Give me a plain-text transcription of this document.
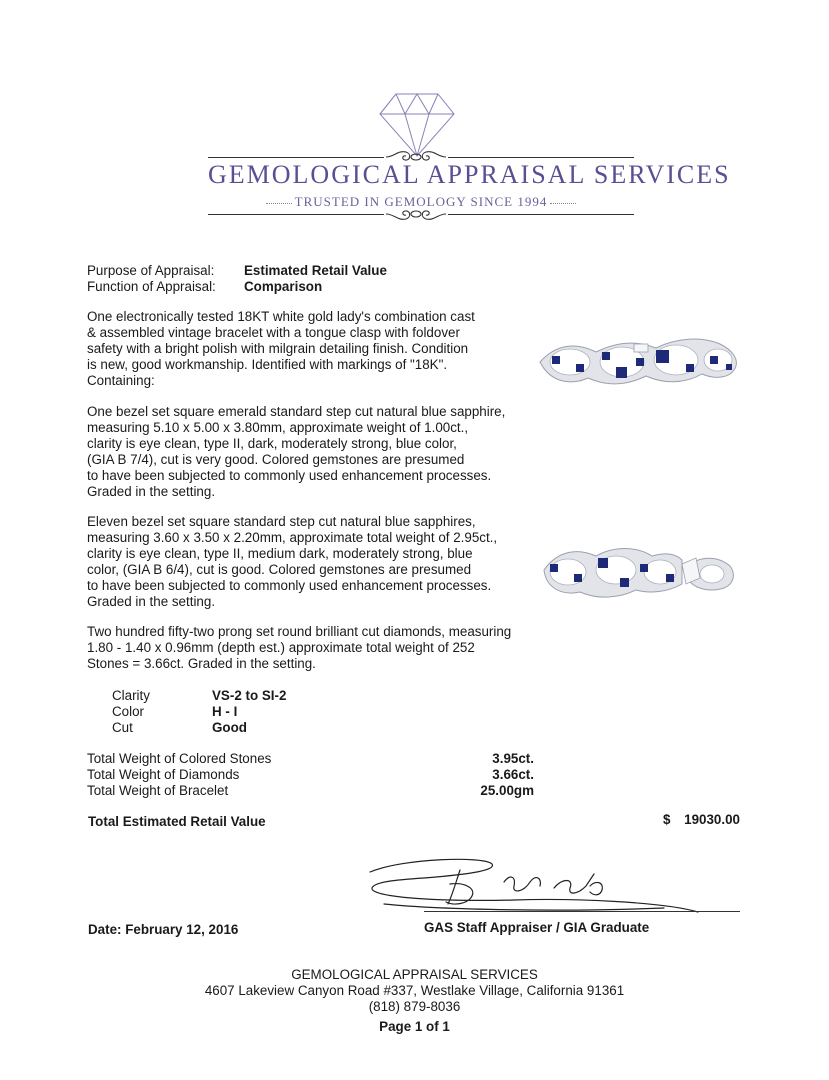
GEMOLOGICAL APPRAISAL SERVICES
TRUSTED IN GEMOLOGY SINCE 1994
Purpose of Appraisal: Estimated Retail Value
Function of Appraisal: Comparison
One electronically tested 18KT white gold lady's combination cast
& assembled vintage bracelet with a tongue clasp with foldover
safety with a bright polish with milgrain detailing finish. Condition
is new, good workmanship. Identified with markings of "18K".
Containing:
One bezel set square emerald standard step cut natural blue sapphire,
measuring 5.10 x 5.00 x 3.80mm, approximate weight of 1.00ct.,
clarity is eye clean, type II, dark, moderately strong, blue color,
(GIA B 7/4), cut is very good. Colored gemstones are presumed
to have been subjected to commonly used enhancement processes.
Graded in the setting.
Eleven bezel set square standard step cut natural blue sapphires,
measuring 3.60 x 3.50 x 2.20mm, approximate total weight of 2.95ct.,
clarity is eye clean, type II, medium dark, moderately strong, blue
color, (GIA B 6/4), cut is good. Colored gemstones are presumed
to have been subjected to commonly used enhancement processes.
Graded in the setting.
Two hundred fifty-two prong set round brilliant cut diamonds, measuring
1.80 - 1.40 x 0.96mm (depth est.) approximate total weight of 252
Stones = 3.66ct. Graded in the setting.
Clarity	VS-2 to SI-2
Color	H - I
Cut	Good
Total Weight of Colored Stones	3.95ct.
Total Weight of Diamonds	3.66ct.
Total Weight of Bracelet	25.00gm
Total Estimated Retail Value	$	19030.00
Date: February 12, 2016	GAS Staff Appraiser / GIA Graduate
GEMOLOGICAL APPRAISAL SERVICES
4607 Lakeview Canyon Road #337, Westlake Village, California 91361
(818) 879-8036
Page 1 of 1
